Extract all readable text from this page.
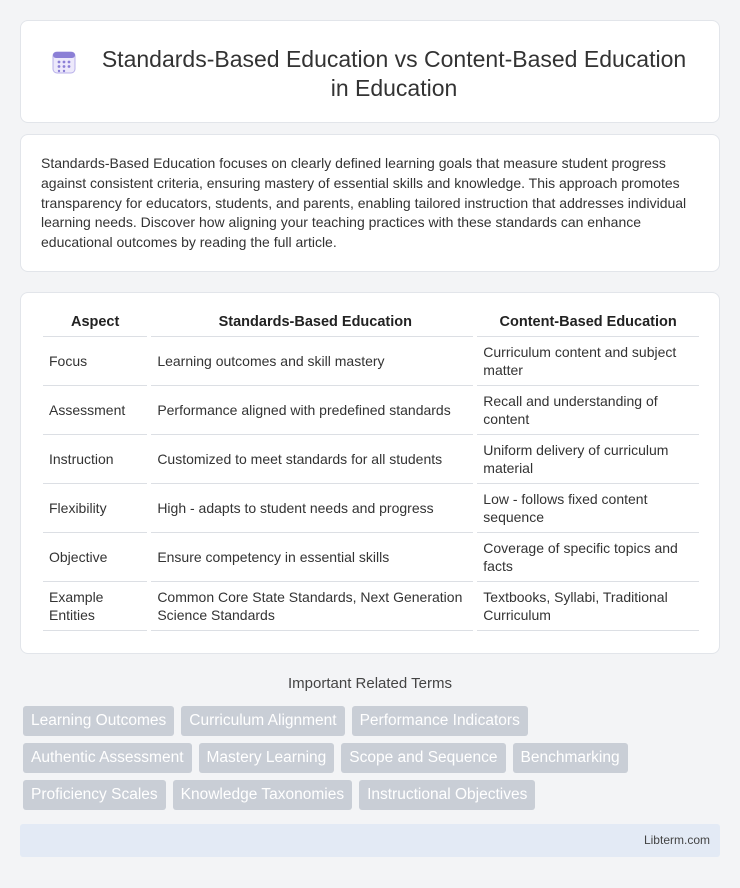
Standards-Based Education vs Content-Based Education in Education

Standards-Based Education focuses on clearly defined learning goals that measure student progress against consistent criteria, ensuring mastery of essential skills and knowledge. This approach promotes transparency for educators, students, and parents, enabling tailored instruction that addresses individual learning needs. Discover how aligning your teaching practices with these standards can enhance educational outcomes by reading the full article.

Aspect		Standards-Based Education		Content-Based Education
Focus		Learning outcomes and skill mastery		Curriculum content and subject matter
Assessment		Performance aligned with predefined standards		Recall and understanding of content
Instruction		Customized to meet standards for all students		Uniform delivery of curriculum material
Flexibility		High - adapts to student needs and progress		Low - follows fixed content sequence
Objective		Ensure competency in essential skills		Coverage of specific topics and facts
Example Entities		Common Core State Standards, Next Generation Science Standards		Textbooks, Syllabi, Traditional Curriculum
Important Related Terms
Learning Outcomes	Curriculum Alignment	Performance Indicators
Authentic Assessment	Mastery Learning	Scope and Sequence	Benchmarking
Proficiency Scales	Knowledge Taxonomies	Instructional Objectives
Libterm.com
